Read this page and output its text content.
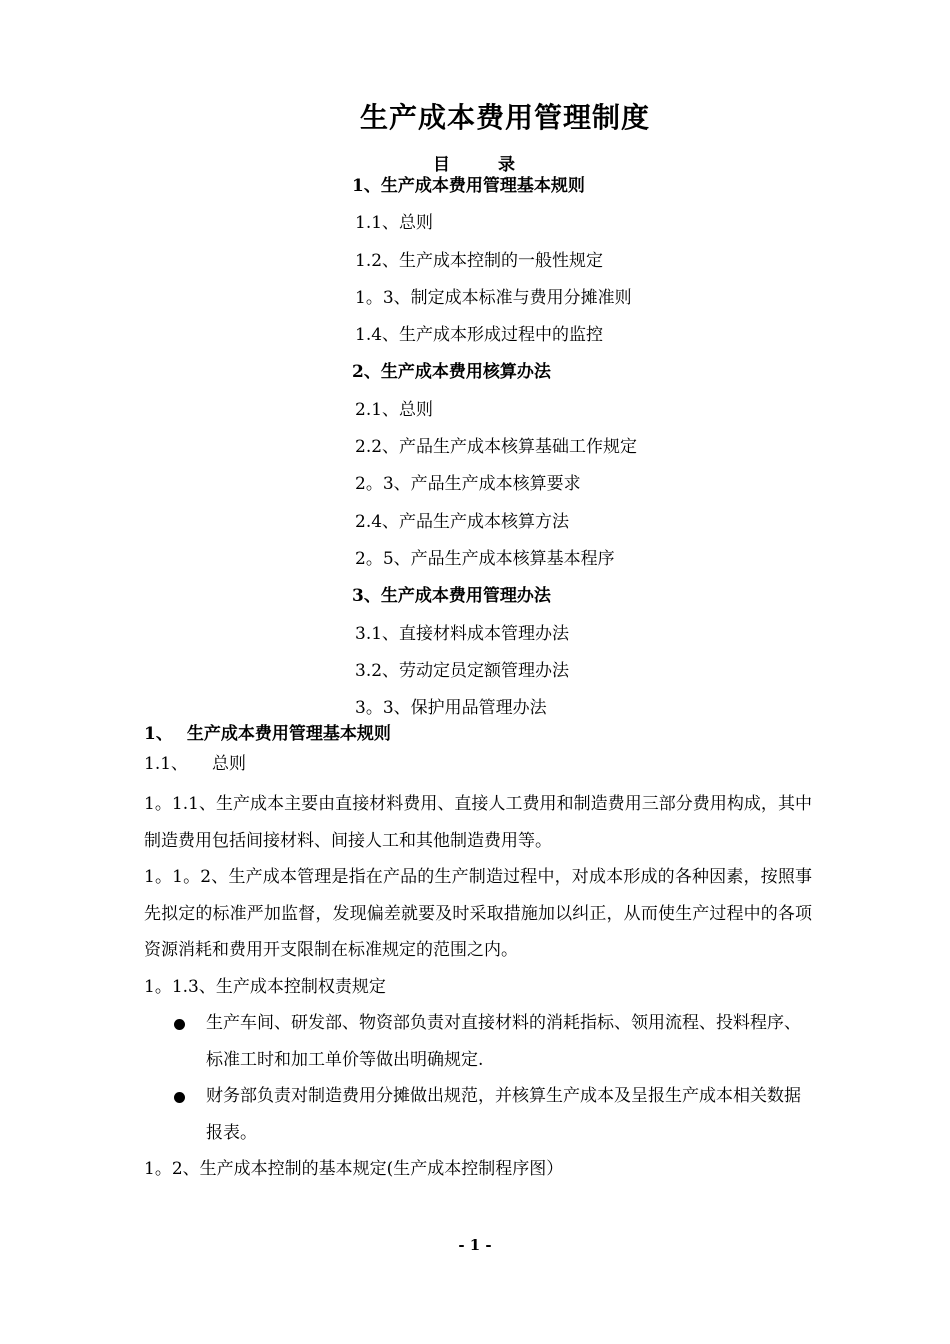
生产成本费用管理制度
目	录
1、生产成本费用管理基本规则
1.1、总则
1.2、生产成本控制的一般性规定
1。3、制定成本标准与费用分摊准则
1.4、生产成本形成过程中的监控
2、生产成本费用核算办法
2.1、总则
2.2、产品生产成本核算基础工作规定
2。3、产品生产成本核算要求
2.4、产品生产成本核算方法
2。5、产品生产成本核算基本程序
3、生产成本费用管理办法
3.1、直接材料成本管理办法
3.2、劳动定员定额管理办法
3。3、保护用品管理办法
1、 生产成本费用管理基本规则
1.1、 总则

1。1.1、生产成本主要由直接材料费用、直接人工费用和制造费用三部分费用构成，其中制造费用包括间接材料、间接人工和其他制造费用等。

1。1。2、生产成本管理是指在产品的生产制造过程中，对成本形成的各种因素，按照事先拟定的标准严加监督，发现偏差就要及时采取措施加以纠正，从而使生产过程中的各项资源消耗和费用开支限制在标准规定的范围之内。

1。1.3、生产成本控制权责规定

生产车间、研发部、物资部负责对直接材料的消耗指标、领用流程、投料程序、标准工时和加工单价等做出明确规定.
财务部负责对制造费用分摊做出规范，并核算生产成本及呈报生产成本相关数据报表。

1。2、生产成本控制的基本规定(生产成本控制程序图）

- 1 -
